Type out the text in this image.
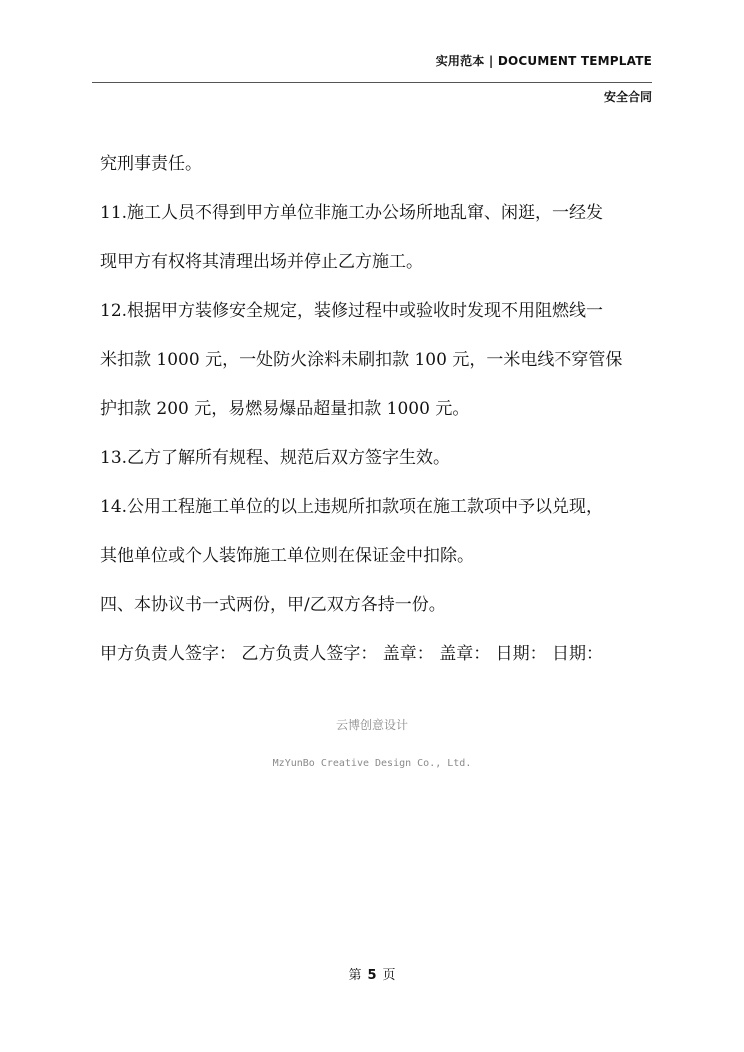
实用范本 | DOCUMENT TEMPLATE
安全合同
究刑事责任。
11.施工人员不得到甲方单位非施工办公场所地乱窜、闲逛，一经发
现甲方有权将其清理出场并停止乙方施工。
12.根据甲方装修安全规定，装修过程中或验收时发现不用阻燃线一
米扣款 1000 元，一处防火涂料未刷扣款 100 元，一米电线不穿管保
护扣款 200 元，易燃易爆品超量扣款 1000 元。
13.乙方了解所有规程、规范后双方签字生效。
14.公用工程施工单位的以上违规所扣款项在施工款项中予以兑现，
其他单位或个人装饰施工单位则在保证金中扣除。
四、本协议书一式两份，甲/乙双方各持一份。
甲方负责人签字： 乙方负责人签字： 盖章： 盖章： 日期： 日期：
云博创意设计
MzYunBo Creative Design Co., Ltd.
第 5 页
